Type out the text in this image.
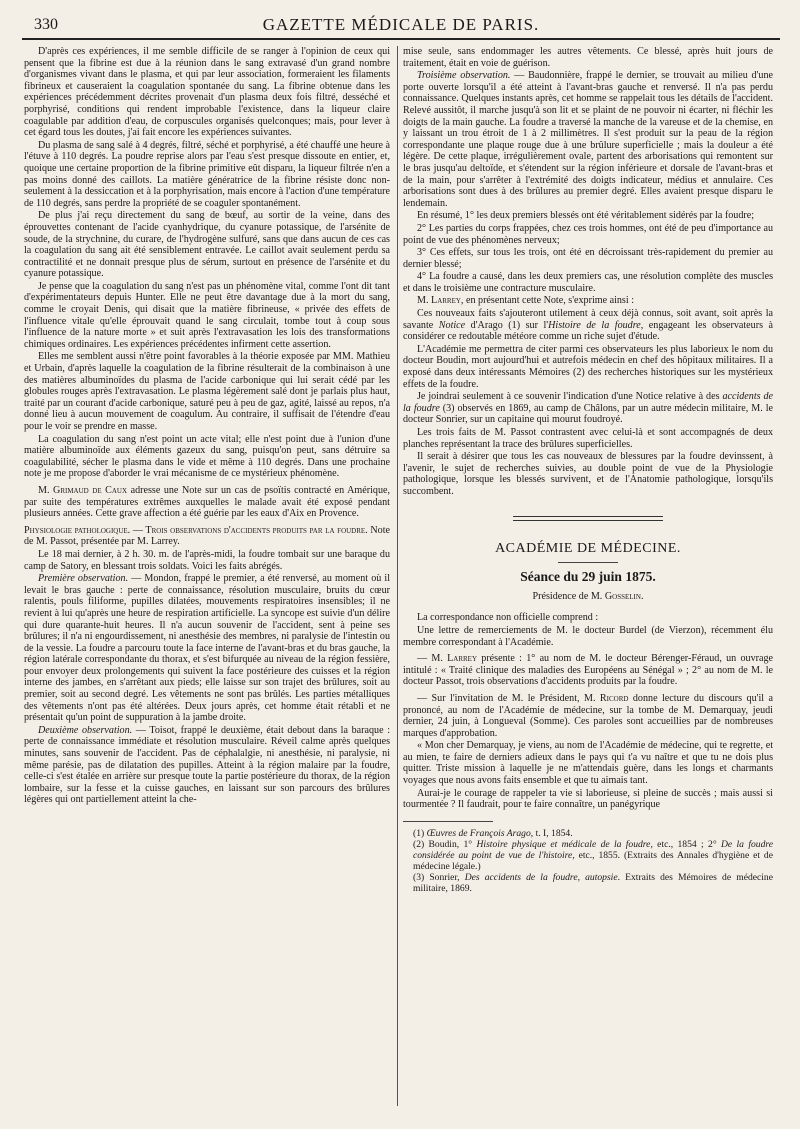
330	GAZETTE MÉDICALE DE PARIS.

D'après ces expériences, il me semble difficile de se ranger à l'opinion de ceux qui pensent que la fibrine est due à la réunion dans le sang extravasé d'un grand nombre d'organismes vivant dans le plasma, et qui par leur association, formeraient les filaments fibrineux et causeraient la coagulation spontanée du sang. La fibrine obtenue dans les expériences précédemment décrites provenait d'un plasma deux fois filtré, desséché et porphyrisé, conditions qui rendent improbable l'existence, dans la liqueur claire coagulable par addition d'eau, de corpuscules organisés quelconques; mais, pour lever à cet égard tous les doutes, j'ai fait encore les expériences suivantes.

Du plasma de sang salé à 4 degrés, filtré, séché et porphyrisé, a été chauffé une heure à l'étuve à 110 degrés. La poudre reprise alors par l'eau s'est presque dissoute en entier, et, quoique une certaine proportion de la fibrine primitive eût disparu, la liqueur filtrée n'en a pas moins donné des caillots. La matière génératrice de la fibrine résiste donc non-seulement à la dessiccation et à la porphyrisation, mais encore à l'action d'une température de 110 degrés, sans perdre la propriété de se coaguler spontanément.

De plus j'ai reçu directement du sang de bœuf, au sortir de la veine, dans des éprouvettes contenant de l'acide cyanhydrique, du cyanure potassique, de l'arsénite de soude, de la strychnine, du curare, de l'hydrogène sulfuré, sans que dans aucun de ces cas la coagulation du sang ait été sensiblement entravée. Le caillot avait seulement perdu sa contractilité et ne donnait presque plus de sérum, surtout en présence de l'arsénite et du cyanure potassique.

Je pense que la coagulation du sang n'est pas un phénomène vital, comme l'ont dit tant d'expérimentateurs depuis Hunter. Elle ne peut être davantage due à la mort du sang, comme le croyait Denis, qui disait que la matière fibrineuse, « privée des effets de l'influence vitale qu'elle éprouvait quand le sang circulait, tombe tout à coup sous l'influence de la nature morte » et suit après l'extravasation les lois des transformations chimiques ordinaires. Les expériences précédentes infirment cette assertion.

Elles me semblent aussi n'être point favorables à la théorie exposée par MM. Mathieu et Urbain, d'après laquelle la coagulation de la fibrine résulterait de la combinaison à une des matières albuminoïdes du plasma de l'acide carbonique qui lui serait cédé par les globules rouges après l'extravasation. Le plasma légèrement salé dont je parlais plus haut, traité par un courant d'acide carbonique, saturé peu à peu de gaz, agité, laissé au repos, n'a donné lieu à aucun mouvement de coagulum. Au contraire, il suffisait de l'étendre d'eau pour le voir se prendre en masse.

La coagulation du sang n'est point un acte vital; elle n'est point due à l'union d'une matière albuminoïde aux éléments gazeux du sang, puisqu'on peut, sans détruire sa coagulabilité, sécher le plasma dans le vide et même à 110 degrés. Dans une prochaine note je me propose d'aborder le vrai mécanisme de ce mystérieux phénomène.

M. Grimaud de Caux adresse une Note sur un cas de psoïtis contracté en Amérique, par suite des températures extrêmes auxquelles le malade avait été exposé pendant plusieurs années. Cette grave affection a été guérie par les eaux d'Aix en Provence.

Physiologie pathologique. — Trois observations d'accidents produits par la foudre. Note de M. Passot, présentée par M. Larrey.

Le 18 mai dernier, à 2 h. 30. m. de l'après-midi, la foudre tombait sur une baraque du camp de Satory, en blessant trois soldats. Voici les faits abrégés.

Première observation. — Mondon, frappé le premier, a été renversé, au moment où il levait le bras gauche : perte de connaissance, résolution musculaire, bruits du cœur ralentis, pouls filiforme, pupilles dilatées, mouvements respiratoires insensibles; il ne revient à lui qu'après une heure de respiration artificielle. La syncope est suivie d'un délire qui dure quarante-huit heures. Il n'a aucun souvenir de l'accident, sent à peine ses brûlures; il n'a ni engourdissement, ni anesthésie des membres, ni paralysie de l'intestin ou de la vessie. La foudre a parcouru toute la face interne de l'avant-bras et du bras gauche, la région latérale correspondante du thorax, et s'est bifurquée au niveau de la région fessière, pour envoyer deux prolongements qui suivent la face postérieure des cuisses et la région interne des jambes, en s'arrêtant aux pieds; elle laisse sur son trajet des brûlures, soit au premier, soit au second degré. Les vêtements ne sont pas brûlés. Les parties métalliques des vêtements n'ont pas été altérées. Deux jours après, cet homme était rétabli et ne présentait qu'un point de suppuration à la jambe droite.

Deuxième observation. — Toisot, frappé le deuxième, était debout dans la baraque : perte de connaissance immédiate et résolution musculaire. Réveil calme après quelques minutes, sans souvenir de l'accident. Pas de céphalalgie, ni anesthésie, ni paralysie, ni même parésie, pas de dilatation des pupilles. Atteint à la région malaire par la foudre, celle-ci s'est étalée en arrière sur presque toute la partie postérieure du thorax, de la région lombaire, sur la fesse et la cuisse gauches, en laissant sur son parcours des brûlures légères qui ont partiellement atteint la che-

mise seule, sans endommager les autres vêtements. Ce blessé, après huit jours de traitement, était en voie de guérison.

Troisième observation. — Baudonnière, frappé le dernier, se trouvait au milieu d'une porte ouverte lorsqu'il a été atteint à l'avant-bras gauche et renversé. Il n'a pas perdu connaissance. Quelques instants après, cet homme se rappelait tous les détails de l'accident. Relevé aussitôt, il marche jusqu'à son lit et se plaint de ne pouvoir ni écarter, ni fléchir les doigts de la main gauche. La foudre a traversé la manche de la vareuse et de la chemise, en y laissant un trou étroit de 1 à 2 millimètres. Il s'est produit sur la peau de la région correspondante une plaque rouge due à une brûlure superficielle ; mais la douleur a été légère. De cette plaque, irrégulièrement ovale, partent des arborisations qui remontent sur le bras jusqu'au deltoïde, et s'étendent sur la région inférieure et dorsale de l'avant-bras et de la main, pour s'arrêter à l'extrémité des doigts indicateur, médius et annulaire. Ces arborisations sont dues à des brûlures au premier degré. Elles avaient presque disparu le lendemain.

En résumé, 1° les deux premiers blessés ont été véritablement sidérés par la foudre;

2° Les parties du corps frappées, chez ces trois hommes, ont été de peu d'importance au point de vue des phénomènes nerveux;

3° Ces effets, sur tous les trois, ont été en décroissant très-rapidement du premier au dernier blessé;

4° La foudre a causé, dans les deux premiers cas, une résolution complète des muscles et dans le troisième une contracture musculaire.

M. Larrey, en présentant cette Note, s'exprime ainsi :

Ces nouveaux faits s'ajouteront utilement à ceux déjà connus, soit avant, soit après la savante Notice d'Arago (1) sur l'Histoire de la foudre, engageant les observateurs à considérer ce redoutable météore comme un riche sujet d'étude.

L'Académie me permettra de citer parmi ces observateurs les plus laborieux le nom du docteur Boudin, mort aujourd'hui et autrefois médecin en chef des hôpitaux militaires. Il a exposé dans deux intéressants Mémoires (2) des recherches historiques sur les mystérieux effets de la foudre.

Je joindrai seulement à ce souvenir l'indication d'une Notice relative à des accidents de la foudre (3) observés en 1869, au camp de Châlons, par un autre médecin militaire, M. le docteur Sonrier, sur un capitaine qui mourut foudroyé.

Les trois faits de M. Passot contrastent avec celui-là et sont accompagnés de deux planches représentant la trace des brûlures superficielles.

Il serait à désirer que tous les cas nouveaux de blessures par la foudre devinssent, à l'avenir, le sujet de recherches suivies, au double point de vue de la Physiologie pathologique, lorsque les blessés survivent, et de l'Anatomie pathologique, lorsqu'ils succombent.

ACADÉMIE DE MÉDECINE.
Séance du 29 juin 1875.
Présidence de M. Gosselin.

La correspondance non officielle comprend :

Une lettre de remerciements de M. le docteur Burdel (de Vierzon), récemment élu membre correspondant à l'Académie.

— M. Larrey présente : 1° au nom de M. le docteur Bérenger-Féraud, un ouvrage intitulé : « Traité clinique des maladies des Européens au Sénégal » ; 2° au nom de M. le docteur Passot, trois observations d'accidents produits par la foudre.

— Sur l'invitation de M. le Président, M. Ricord donne lecture du discours qu'il a prononcé, au nom de l'Académie de médecine, sur la tombe de M. Demarquay, jeudi dernier, 24 juin, à Longueval (Somme). Ces paroles sont accueillies par de nombreuses marques d'approbation.

« Mon cher Demarquay, je viens, au nom de l'Académie de médecine, qui te regrette, et au mien, te faire de derniers adieux dans le pays qui t'a vu naître et que tu ne dois plus quitter. Triste mission à laquelle je ne m'attendais guère, dans les longs et charmants voyages que nous avons faits ensemble et que tu aimais tant.

Aurai-je le courage de rappeler ta vie si laborieuse, si pleine de succès ; mais aussi si tourmentée ? Il faudrait, pour te faire connaître, un panégyrique

(1) Œuvres de François Arago, t. I, 1854.

(2) Boudin, 1° Histoire physique et médicale de la foudre, etc., 1854 ; 2° De la foudre considérée au point de vue de l'histoire, etc., 1855. (Extraits des Annales d'hygiène et de médecine légale.)

(3) Sonrier, Des accidents de la foudre, autopsie. Extraits des Mémoires de médecine militaire, 1869.
